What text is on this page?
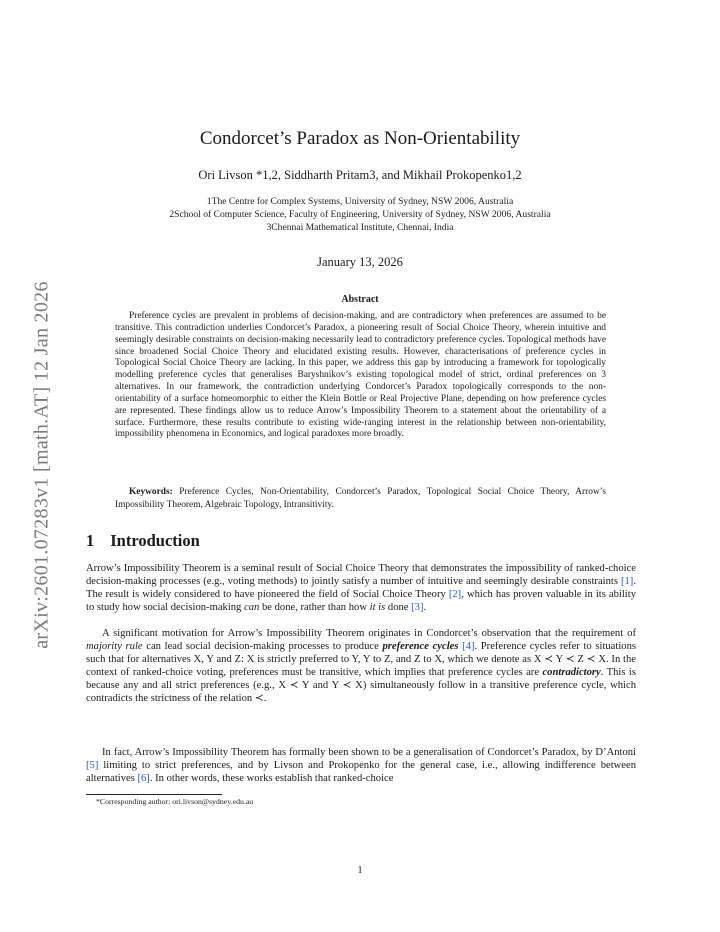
arXiv:2601.07283v1 [math.AT] 12 Jan 2026
Condorcet’s Paradox as Non-Orientability
Ori Livson *1,2, Siddharth Pritam3, and Mikhail Prokopenko1,2
1The Centre for Complex Systems, University of Sydney, NSW 2006, Australia
2School of Computer Science, Faculty of Engineering, University of Sydney, NSW 2006, Australia
3Chennai Mathematical Institute, Chennai, India
January 13, 2026
Abstract
Preference cycles are prevalent in problems of decision-making, and are contradictory when preferences are assumed to be transitive. This contradiction underlies Condorcet’s Paradox, a pioneering result of Social Choice Theory, wherein intuitive and seemingly desirable constraints on decision-making necessarily lead to contradictory preference cycles. Topological methods have since broadened Social Choice Theory and elucidated existing results. However, characterisations of preference cycles in Topological Social Choice Theory are lacking. In this paper, we address this gap by introducing a framework for topologically modelling preference cycles that generalises Baryshnikov’s existing topological model of strict, ordinal preferences on 3 alternatives. In our framework, the contradiction underlying Condorcet’s Paradox topologically corresponds to the non-orientability of a surface homeomorphic to either the Klein Bottle or Real Projective Plane, depending on how preference cycles are represented. These findings allow us to reduce Arrow’s Impossibility Theorem to a statement about the orientability of a surface. Furthermore, these results contribute to existing wide-ranging interest in the relationship between non-orientability, impossibility phenomena in Economics, and logical paradoxes more broadly.
Keywords: Preference Cycles, Non-Orientability, Condorcet’s Paradox, Topological Social Choice Theory, Arrow’s Impossibility Theorem, Algebraic Topology, Intransitivity.
1 Introduction
Arrow’s Impossibility Theorem is a seminal result of Social Choice Theory that demonstrates the impossibility of ranked-choice decision-making processes (e.g., voting methods) to jointly satisfy a number of intuitive and seemingly desirable constraints [1]. The result is widely considered to have pioneered the field of Social Choice Theory [2], which has proven valuable in its ability to study how social decision-making can be done, rather than how it is done [3].
A significant motivation for Arrow’s Impossibility Theorem originates in Condorcet’s observation that the requirement of majority rule can lead social decision-making processes to produce preference cycles [4]. Preference cycles refer to situations such that for alternatives X, Y and Z: X is strictly preferred to Y, Y to Z, and Z to X, which we denote as X ≺ Y ≺ Z ≺ X. In the context of ranked-choice voting, preferences must be transitive, which implies that preference cycles are contradictory. This is because any and all strict preferences (e.g., X ≺ Y and Y ≺ X) simultaneously follow in a transitive preference cycle, which contradicts the strictness of the relation ≺.
In fact, Arrow’s Impossibility Theorem has formally been shown to be a generalisation of Condorcet’s Paradox, by D’Antoni [5] limiting to strict preferences, and by Livson and Prokopenko for the general case, i.e., allowing indifference between alternatives [6]. In other words, these works establish that ranked-choice
*Corresponding author: ori.livson@sydney.edu.au
1
